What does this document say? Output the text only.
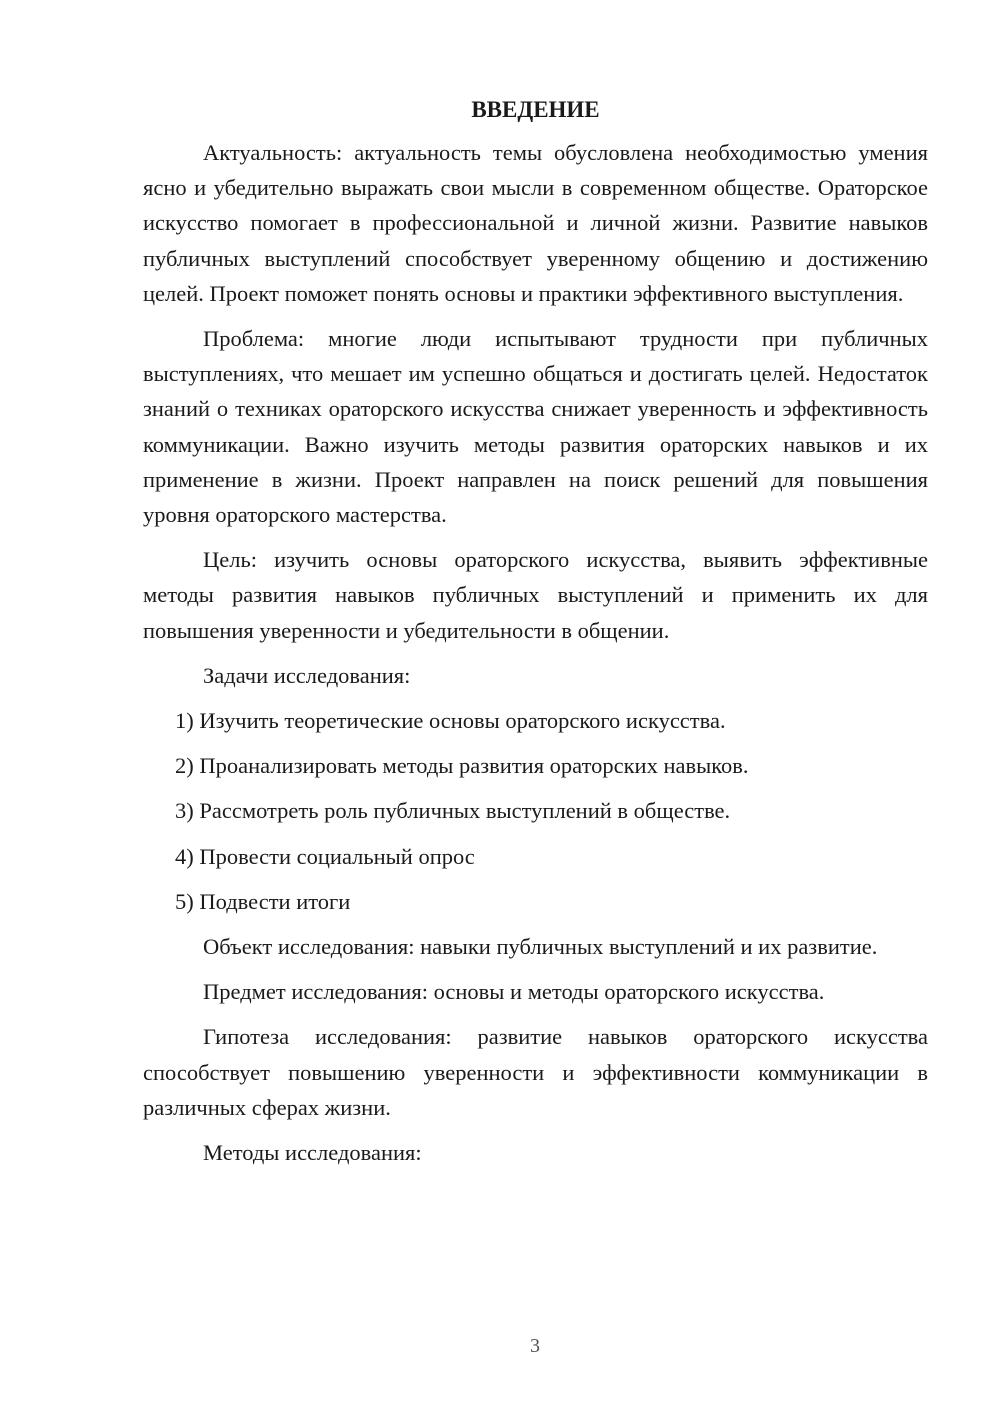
ВВЕДЕНИЕ

Актуальность: актуальность темы обусловлена необходимостью умения ясно и убедительно выражать свои мысли в современном обществе. Ораторское искусство помогает в профессиональной и личной жизни. Развитие навыков публичных выступлений способствует уверенному общению и достижению целей. Проект поможет понять основы и практики эффективного выступления.

Проблема: многие люди испытывают трудности при публичных выступлениях, что мешает им успешно общаться и достигать целей. Недостаток знаний о техниках ораторского искусства снижает уверенность и эффективность коммуникации. Важно изучить методы развития ораторских навыков и их применение в жизни. Проект направлен на поиск решений для повышения уровня ораторского мастерства.

Цель: изучить основы ораторского искусства, выявить эффективные методы развития навыков публичных выступлений и применить их для повышения уверенности и убедительности в общении.

Задачи исследования:

1) Изучить теоретические основы ораторского искусства.
2) Проанализировать методы развития ораторских навыков.
3) Рассмотреть роль публичных выступлений в обществе.
4) Провести социальный опрос
5) Подвести итоги

Объект исследования: навыки публичных выступлений и их развитие.

Предмет исследования: основы и методы ораторского искусства.

Гипотеза исследования: развитие навыков ораторского искусства способствует повышению уверенности и эффективности коммуникации в различных сферах жизни.

Методы исследования:

3
